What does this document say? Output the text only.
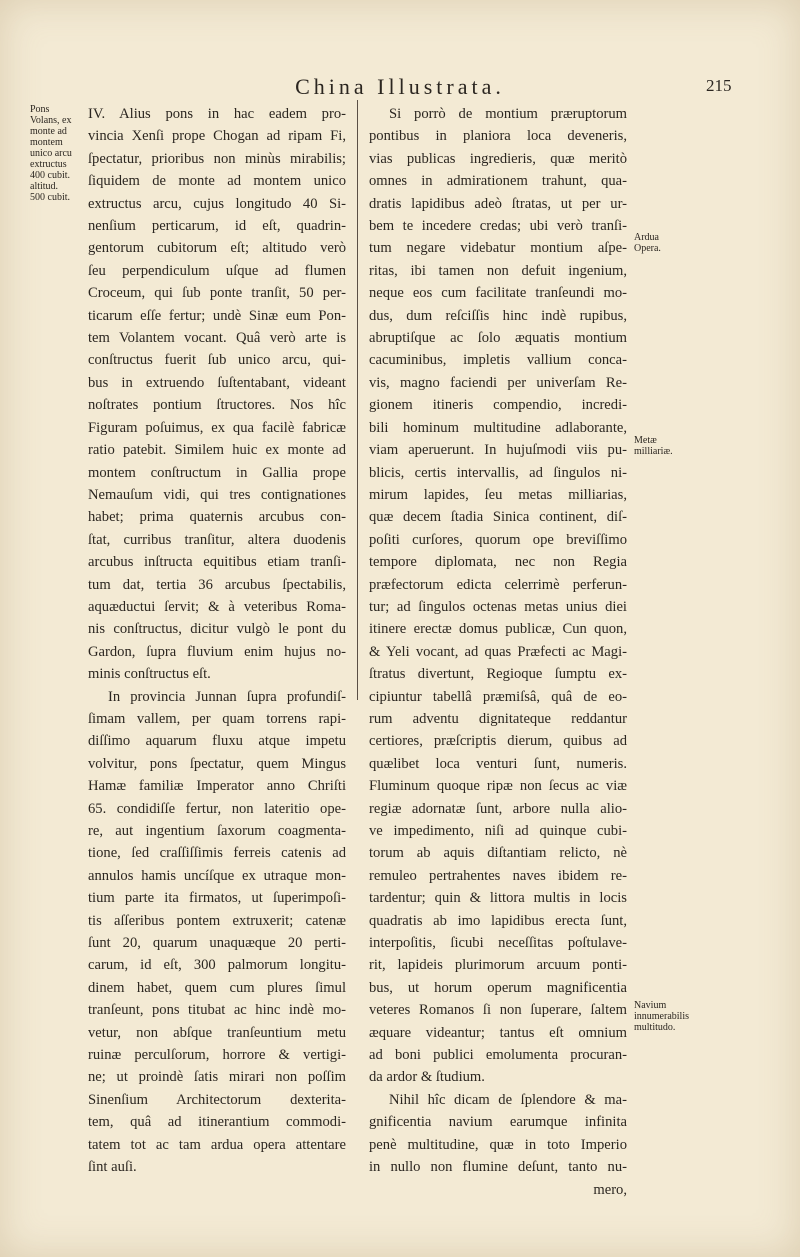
China Illustrata.	215
Pons Volans, ex monte ad montem unico arcu extructus 400 cubit. altitud. 500 cubit.
Ardua Opera.
Metæ milliariæ.
Navium innumerabilis multitudo.
IV. Alius pons in hac eadem pro-
vincia Xenſi prope Chogan ad ripam Fi,
ſpectatur, prioribus non minùs mirabilis;
ſiquidem de monte ad montem unico
extructus arcu, cujus longitudo 40 Si-
nenſium perticarum, id eſt, quadrin-
gentorum cubitorum eſt; altitudo verò
ſeu perpendiculum uſque ad flumen
Croceum, qui ſub ponte tranſit, 50 per-
ticarum eſſe fertur; undè Sinæ eum Pon-
tem Volantem vocant. Quâ verò arte is
conſtructus fuerit ſub unico arcu, qui-
bus in extruendo ſuſtentabant, videant
noſtrates pontium ſtructores. Nos hîc
Figuram poſuimus, ex qua facilè fabricæ
ratio patebit. Similem huic ex monte ad
montem conſtructum in Gallia prope
Nemauſum vidi, qui tres contignationes
habet; prima quaternis arcubus con-
ſtat, curribus tranſitur, altera duodenis
arcubus inſtructa equitibus etiam tranſi-
tum dat, tertia 36 arcubus ſpectabilis,
aquæductui ſervit; & à veteribus Roma-
nis conſtructus, dicitur vulgò le pont du
Gardon, ſupra fluvium enim hujus no-
minis conſtructus eſt.
In provincia Junnan ſupra profundiſ-
ſimam vallem, per quam torrens rapi-
diſſimo aquarum fluxu atque impetu
volvitur, pons ſpectatur, quem Mingus
Hamæ familiæ Imperator anno Chriſti
65. condidiſſe fertur, non lateritio ope-
re, aut ingentium ſaxorum coagmenta-
tione, ſed craſſiſſimis ferreis catenis ad
annulos hamis uncíſque ex utraque mon-
tium parte ita firmatos, ut ſuperimpoſi-
tis aſſeribus pontem extruxerit; catenæ
ſunt 20, quarum unaquæque 20 perti-
carum, id eſt, 300 palmorum longitu-
dinem habet, quem cum plures ſimul
tranſeunt, pons titubat ac hinc indè mo-
vetur, non abſque tranſeuntium metu
ruinæ perculſorum, horrore & vertigi-
ne; ut proindè ſatis mirari non poſſim
Sinenſium Architectorum dexterita-
tem, quâ ad itinerantium commodi-
tatem tot ac tam ardua opera attentare
ſint auſi.
Si porrò de montium præruptorum
pontibus in planiora loca deveneris,
vias publicas ingredieris, quæ meritò
omnes in admirationem trahunt, qua-
dratis lapidibus adeò ſtratas, ut per ur-
bem te incedere credas; ubi verò tranſi-
tum negare videbatur montium aſpe-
ritas, ibi tamen non defuit ingenium,
neque eos cum facilitate tranſeundi mo-
dus, dum reſciſſis hinc indè rupibus,
abruptiſque ac ſolo æquatis montium
cacuminibus, impletis vallium conca-
vis, magno faciendi per univerſam Re-
gionem itineris compendio, incredi-
bili hominum multitudine adlaborante,
viam aperuerunt. In hujuſmodi viis pu-
blicis, certis intervallis, ad ſingulos ni-
mirum lapides, ſeu metas milliarias,
quæ decem ſtadia Sinica continent, diſ-
poſiti curſores, quorum ope breviſſimo
tempore diplomata, nec non Regia
præfectorum edicta celerrimè perferun-
tur; ad ſingulos octenas metas unius diei
itinere erectæ domus publicæ, Cun quon,
& Yeli vocant, ad quas Præfecti ac Magi-
ſtratus divertunt, Regioque ſumptu ex-
cipiuntur tabellâ præmiſsâ, quâ de eo-
rum adventu dignitateque reddantur
certiores, præſcriptis dierum, quibus ad
quælibet loca venturi ſunt, numeris.
Fluminum quoque ripæ non ſecus ac viæ
regiæ adornatæ ſunt, arbore nulla alio-
ve impedimento, niſi ad quinque cubi-
torum ab aquis diſtantiam relicto, nè
remuleo pertrahentes naves ibidem re-
tardentur; quin & littora multis in locis
quadratis ab imo lapidibus erecta ſunt,
interpoſitis, ſicubi neceſſitas poſtulave-
rit, lapideis plurimorum arcuum ponti-
bus, ut horum operum magnificentia
veteres Romanos ſi non ſuperare, ſaltem
æquare videantur; tantus eſt omnium
ad boni publici emolumenta procuran-
da ardor & ſtudium.
Nihil hîc dicam de ſplendore & ma-
gnificentia navium earumque infinita
penè multitudine, quæ in toto Imperio
in nullo non flumine deſunt, tanto nu-
mero,
